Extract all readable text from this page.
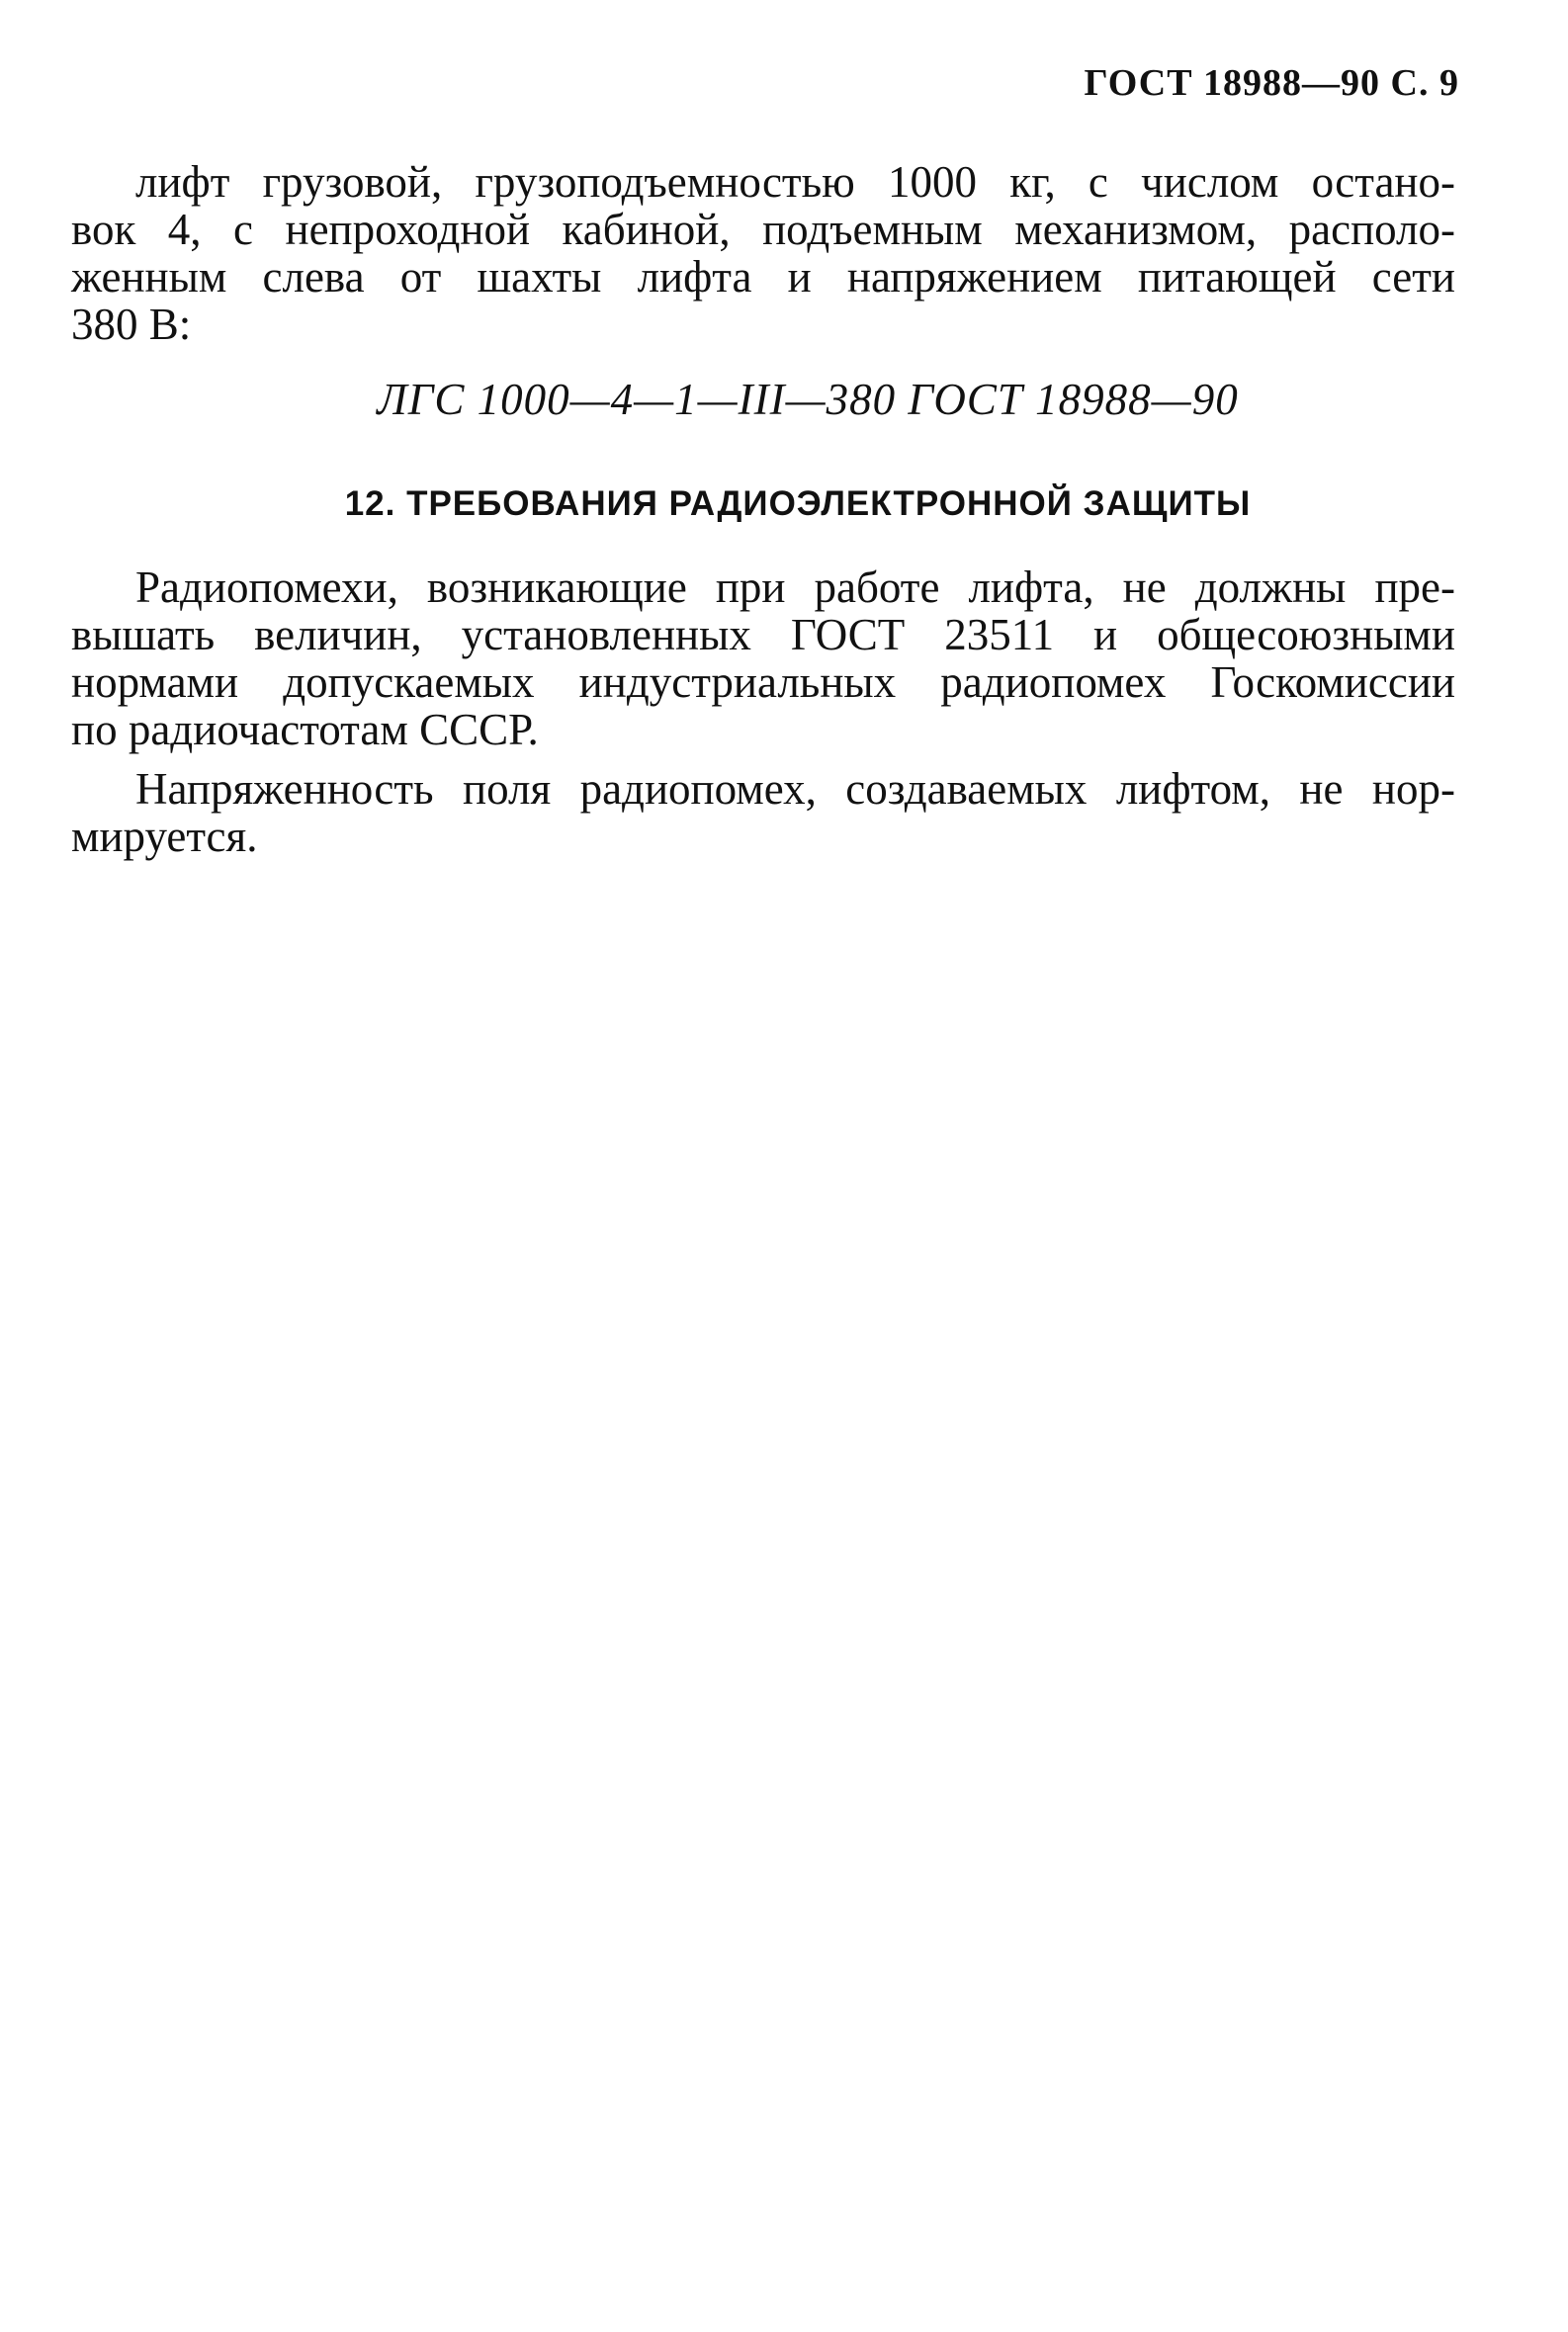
ГОСТ 18988—90 С. 9

лифт грузовой, грузоподъемностью 1000 кг, с числом остано-
вок 4, с непроходной кабиной, подъемным механизмом, располо-
женным слева от шахты лифта и напряжением питающей сети
380 В:

ЛГС 1000—4—1—III—380 ГОСТ 18988—90
12. ТРЕБОВАНИЯ РАДИОЭЛЕКТРОННОЙ ЗАЩИТЫ

Радиопомехи, возникающие при работе лифта, не должны пре-
вышать величин, установленных ГОСТ 23511 и общесоюзными
нормами допускаемых индустриальных радиопомех Госкомиссии
по радиочастотам СССР.

Напряженность поля радиопомех, создаваемых лифтом, не нор-
мируется.
